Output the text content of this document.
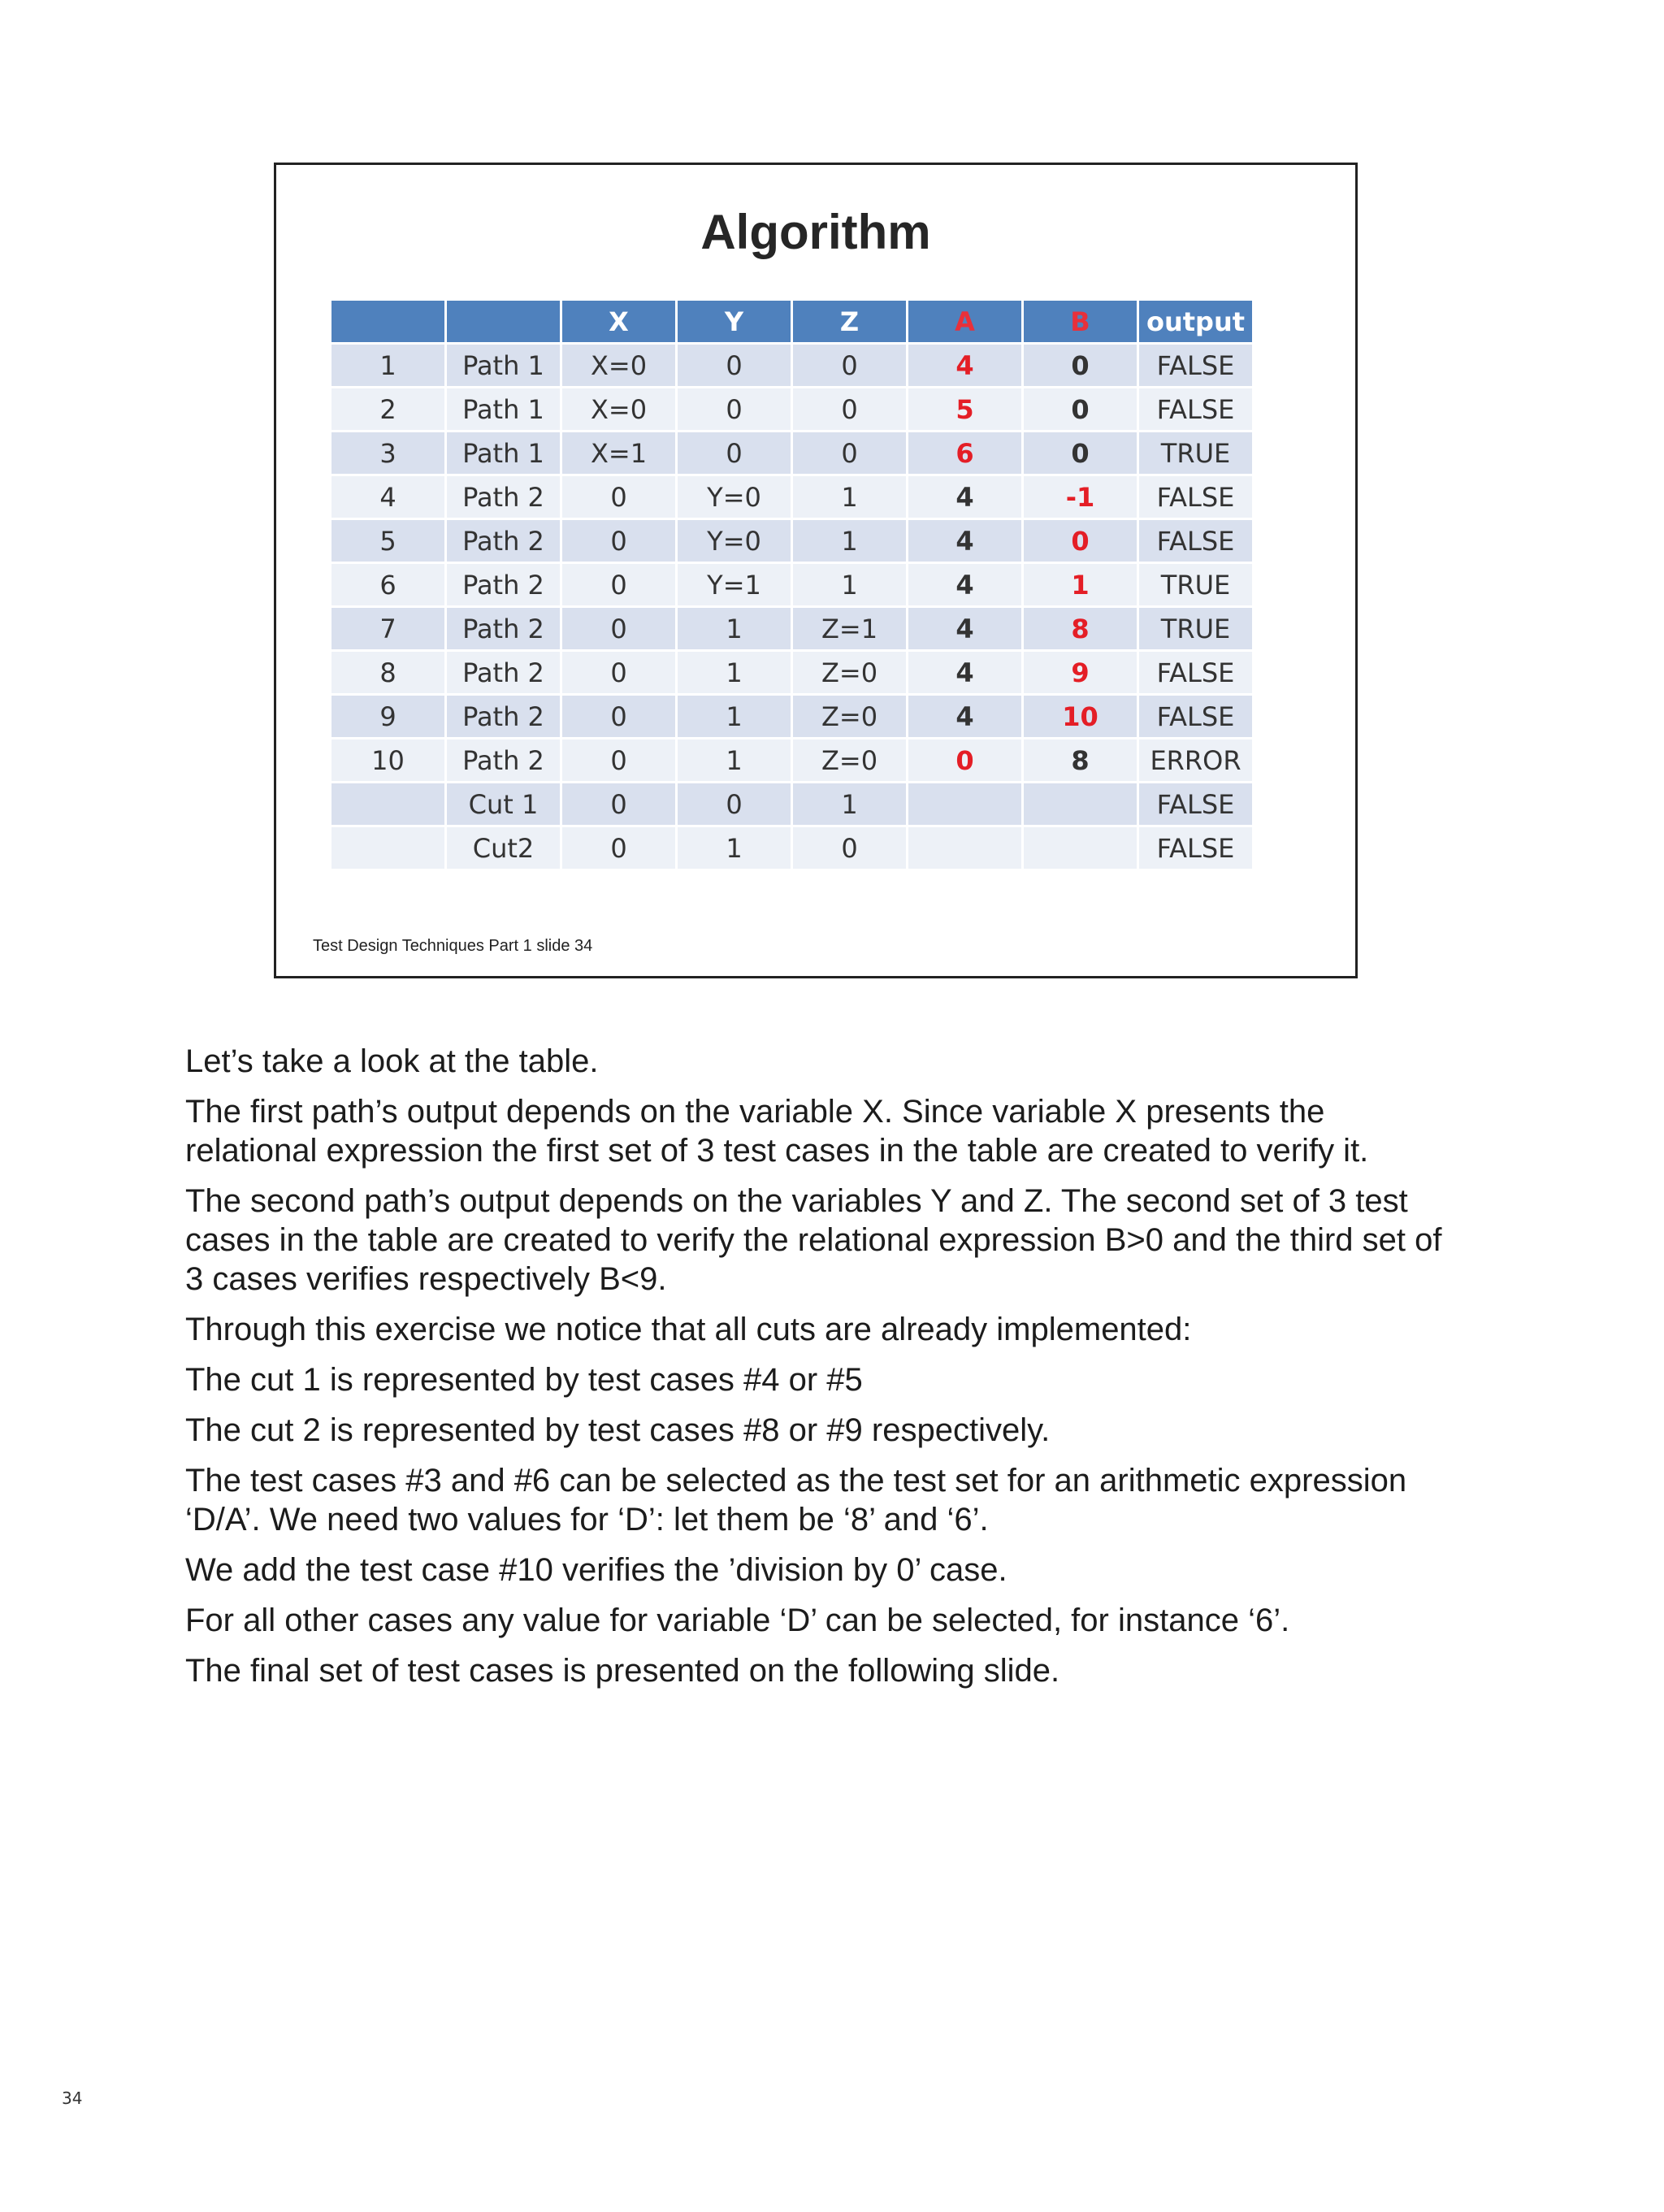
Algorithm
		X	Y	Z	A	B	output
1	Path 1	X=0	0	0	4	0	FALSE
2	Path 1	X=0	0	0	5	0	FALSE
3	Path 1	X=1	0	0	6	0	TRUE
4	Path 2	0	Y=0	1	4	-1	FALSE
5	Path 2	0	Y=0	1	4	0	FALSE
6	Path 2	0	Y=1	1	4	1	TRUE
7	Path 2	0	1	Z=1	4	8	TRUE
8	Path 2	0	1	Z=0	4	9	FALSE
9	Path 2	0	1	Z=0	4	10	FALSE
10	Path 2	0	1	Z=0	0	8	ERROR
	Cut 1	0	0	1			FALSE
	Cut2	0	1	0			FALSE
Test Design Techniques Part 1 slide 34

Let’s take a look at the table.

The first path’s output depends on the variable X. Since variable X presents the relational expression the first set of 3 test cases in the table are created to verify it.

The second path’s output depends on the variables Y and Z. The second set of 3 test cases in the table are created to verify the relational expression B>0 and the third set of 3 cases verifies respectively B<9.

Through this exercise we notice that all cuts are already implemented:

The cut 1 is represented by test cases #4 or #5

The cut 2 is represented by test cases #8 or #9 respectively.

The test cases #3 and #6 can be selected as the test set for an arithmetic expression ‘D/A’. We need two values for ‘D’: let them be ‘8’ and ‘6’.

We add the test case #10 verifies the ’division by 0’ case.

For all other cases any value for variable ‘D’ can be selected, for instance ‘6’.

The final set of test cases is presented on the following slide.

34
